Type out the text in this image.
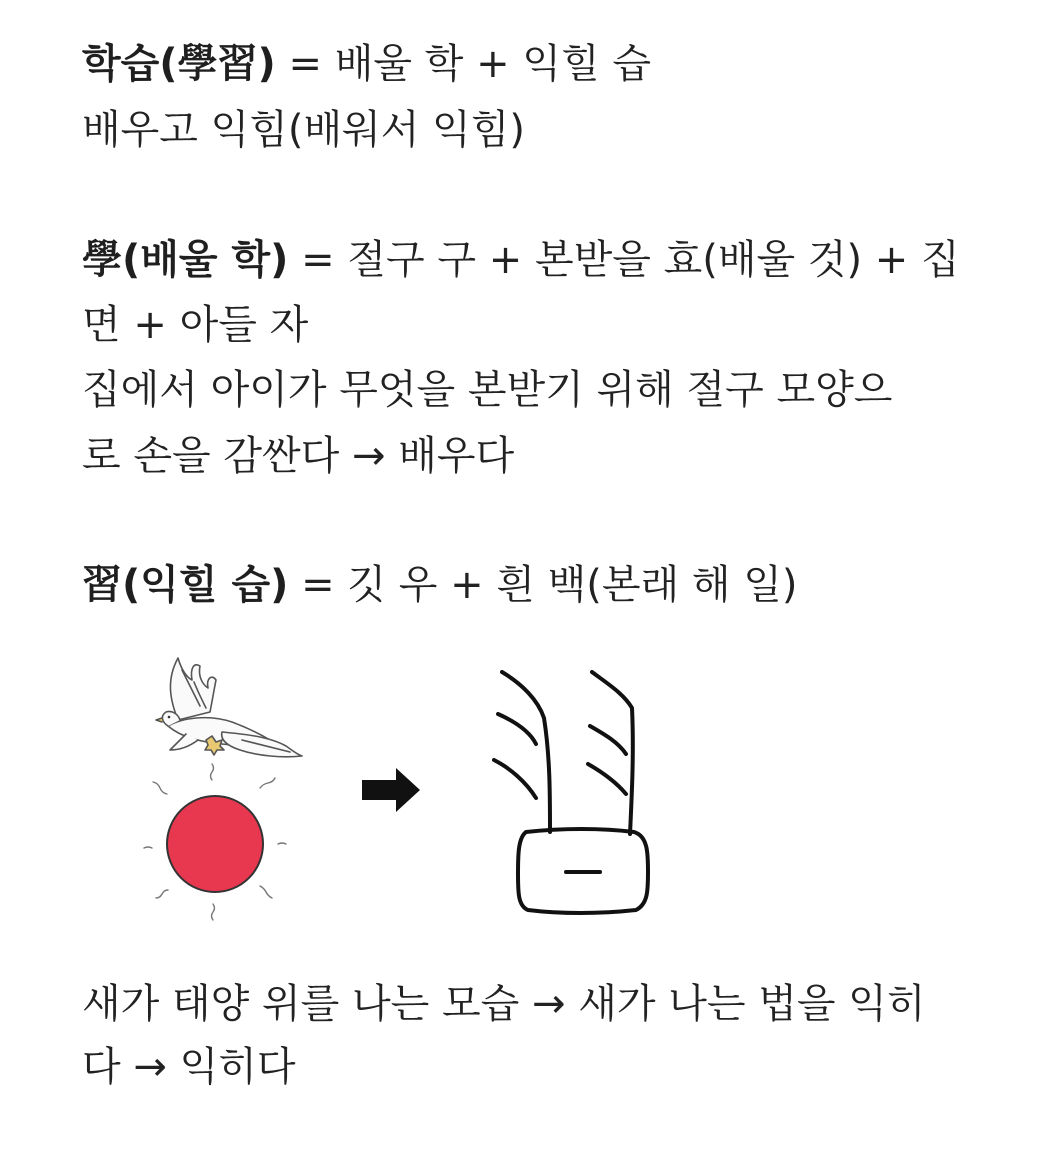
학습(學習) = 배울 학 + 익힐 습
배우고 익힘(배워서 익힘)
學(배울 학) = 절구 구 + 본받을 효(배울 것) + 집
면 + 아들 자
집에서 아이가 무엇을 본받기 위해 절구 모양으
로 손을 감싼다 → 배우다
習(익힐 습) = 깃 우 + 흰 백(본래 해 일)
새가 태양 위를 나는 모습 → 새가 나는 법을 익히
다 → 익히다
